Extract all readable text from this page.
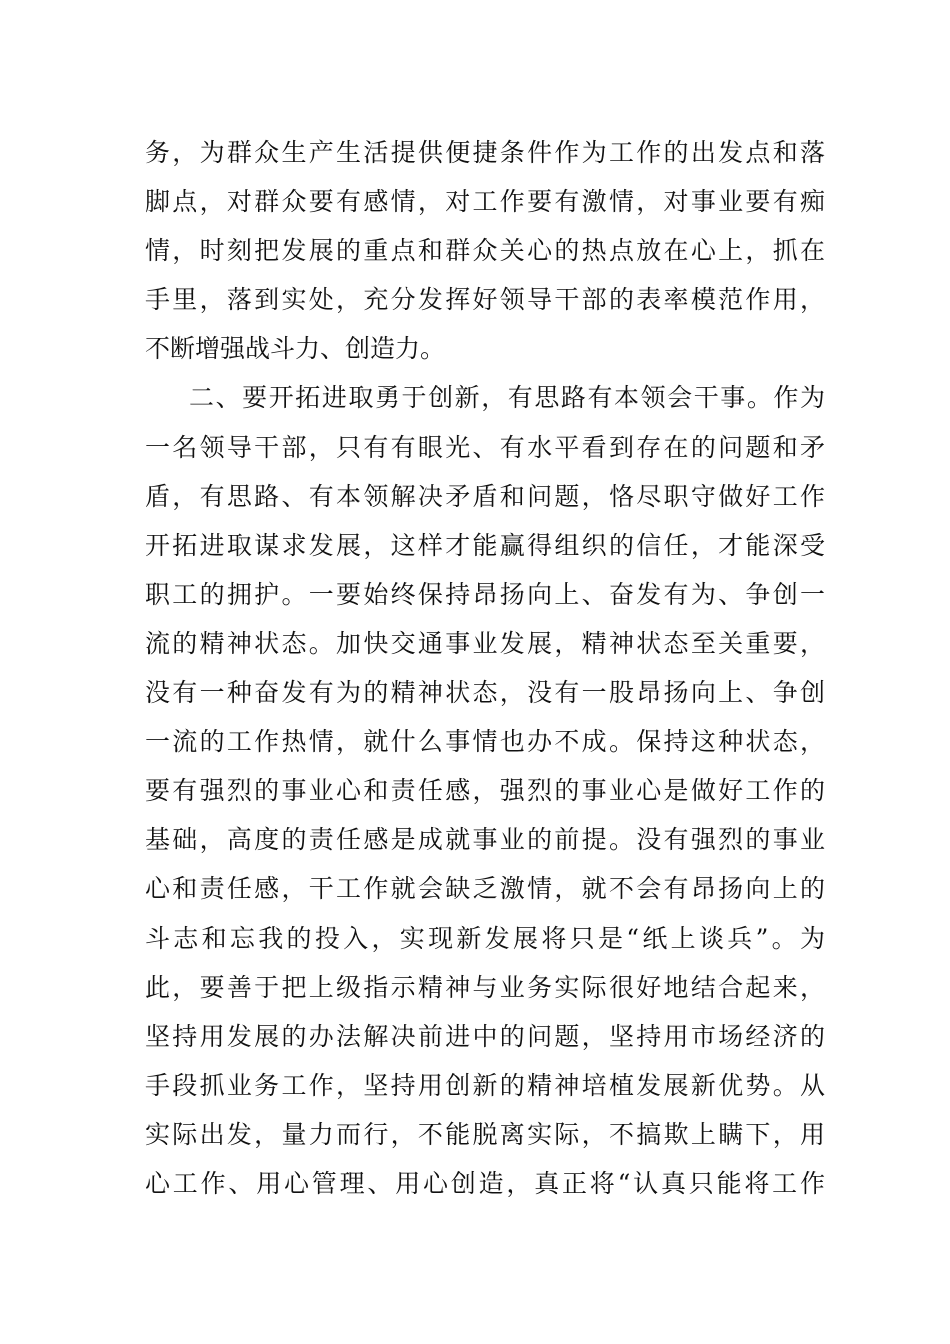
务，为群众生产生活提供便捷条件作为工作的出发点和落
脚点，对群众要有感情，对工作要有激情，对事业要有痴
情，时刻把发展的重点和群众关心的热点放在心上，抓在
手里，落到实处，充分发挥好领导干部的表率模范作用，
不断增强战斗力、创造力。
二、要开拓进取勇于创新，有思路有本领会干事。作为
一名领导干部，只有有眼光、有水平看到存在的问题和矛
盾，有思路、有本领解决矛盾和问题，恪尽职守做好工作
开拓进取谋求发展，这样才能赢得组织的信任，才能深受
职工的拥护。一要始终保持昂扬向上、奋发有为、争创一
流的精神状态。加快交通事业发展，精神状态至关重要，
没有一种奋发有为的精神状态，没有一股昂扬向上、争创
一流的工作热情，就什么事情也办不成。保持这种状态，
要有强烈的事业心和责任感，强烈的事业心是做好工作的
基础，高度的责任感是成就事业的前提。没有强烈的事业
心和责任感，干工作就会缺乏激情，就不会有昂扬向上的
斗志和忘我的投入，实现新发展将只是“纸上谈兵”。为
此，要善于把上级指示精神与业务实际很好地结合起来，
坚持用发展的办法解决前进中的问题，坚持用市场经济的
手段抓业务工作，坚持用创新的精神培植发展新优势。从
实际出发，量力而行，不能脱离实际，不搞欺上瞒下，用
心工作、用心管理、用心创造，真正将“认真只能将工作
